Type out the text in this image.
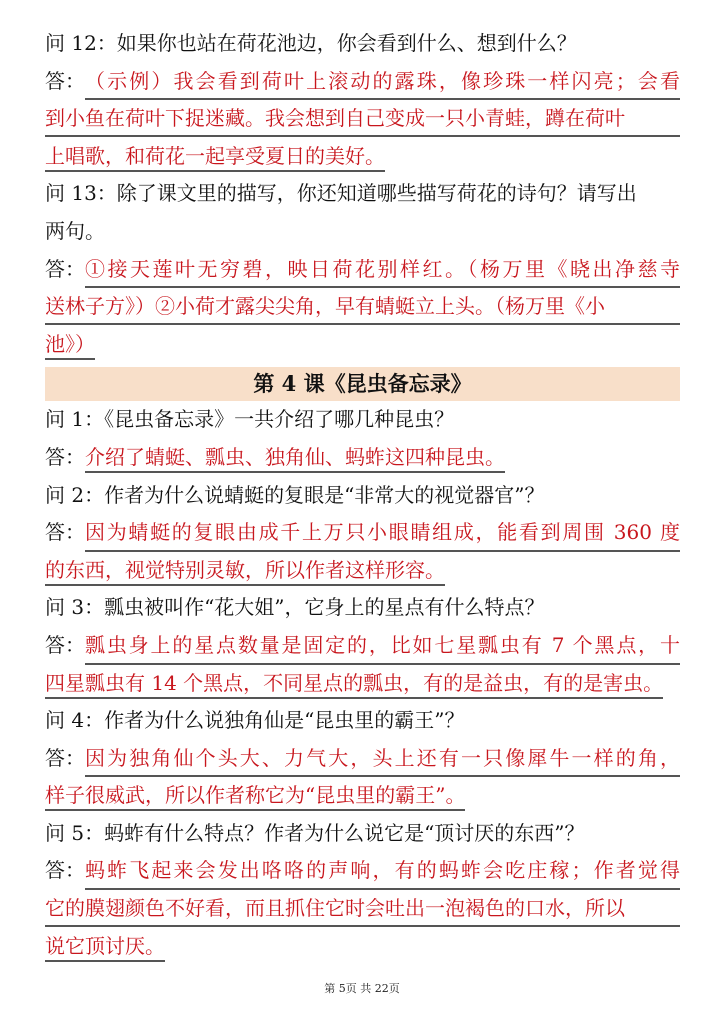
问 12：如果你也站在荷花池边，你会看到什么、想到什么？
答： （示例）我会看到荷叶上滚动的露珠，像珍珠一样闪亮；会看
到小鱼在荷叶下捉迷藏。我会想到自己变成一只小青蛙，蹲在荷叶
上唱歌，和荷花一起享受夏日的美好。
问 13：除了课文里的描写，你还知道哪些描写荷花的诗句？请写出
两句。
答： ①接天莲叶无穷碧，映日荷花别样红。（杨万里《晓出净慈寺
送林子方》）②小荷才露尖尖角，早有蜻蜓立上头。（杨万里《小
池》）
第 4 课《昆虫备忘录》
问 1：《昆虫备忘录》一共介绍了哪几种昆虫？
答：介绍了蜻蜓、瓢虫、独角仙、蚂蚱这四种昆虫。
问 2：作者为什么说蜻蜓的复眼是“非常大的视觉器官”？
答： 因为蜻蜓的复眼由成千上万只小眼睛组成，能看到周围 360 度
的东西，视觉特别灵敏，所以作者这样形容。
问 3：瓢虫被叫作“花大姐”，它身上的星点有什么特点？
答： 瓢虫身上的星点数量是固定的，比如七星瓢虫有 7 个黑点，十
四星瓢虫有 14 个黑点，不同星点的瓢虫，有的是益虫，有的是害虫。
问 4：作者为什么说独角仙是“昆虫里的霸王”？
答： 因为独角仙个头大、力气大，头上还有一只像犀牛一样的角，
样子很威武，所以作者称它为“昆虫里的霸王”。
问 5：蚂蚱有什么特点？作者为什么说它是“顶讨厌的东西”？
答： 蚂蚱飞起来会发出咯咯的声响，有的蚂蚱会吃庄稼；作者觉得
它的膜翅颜色不好看，而且抓住它时会吐出一泡褐色的口水，所以
说它顶讨厌。
第 5页 共 22页
